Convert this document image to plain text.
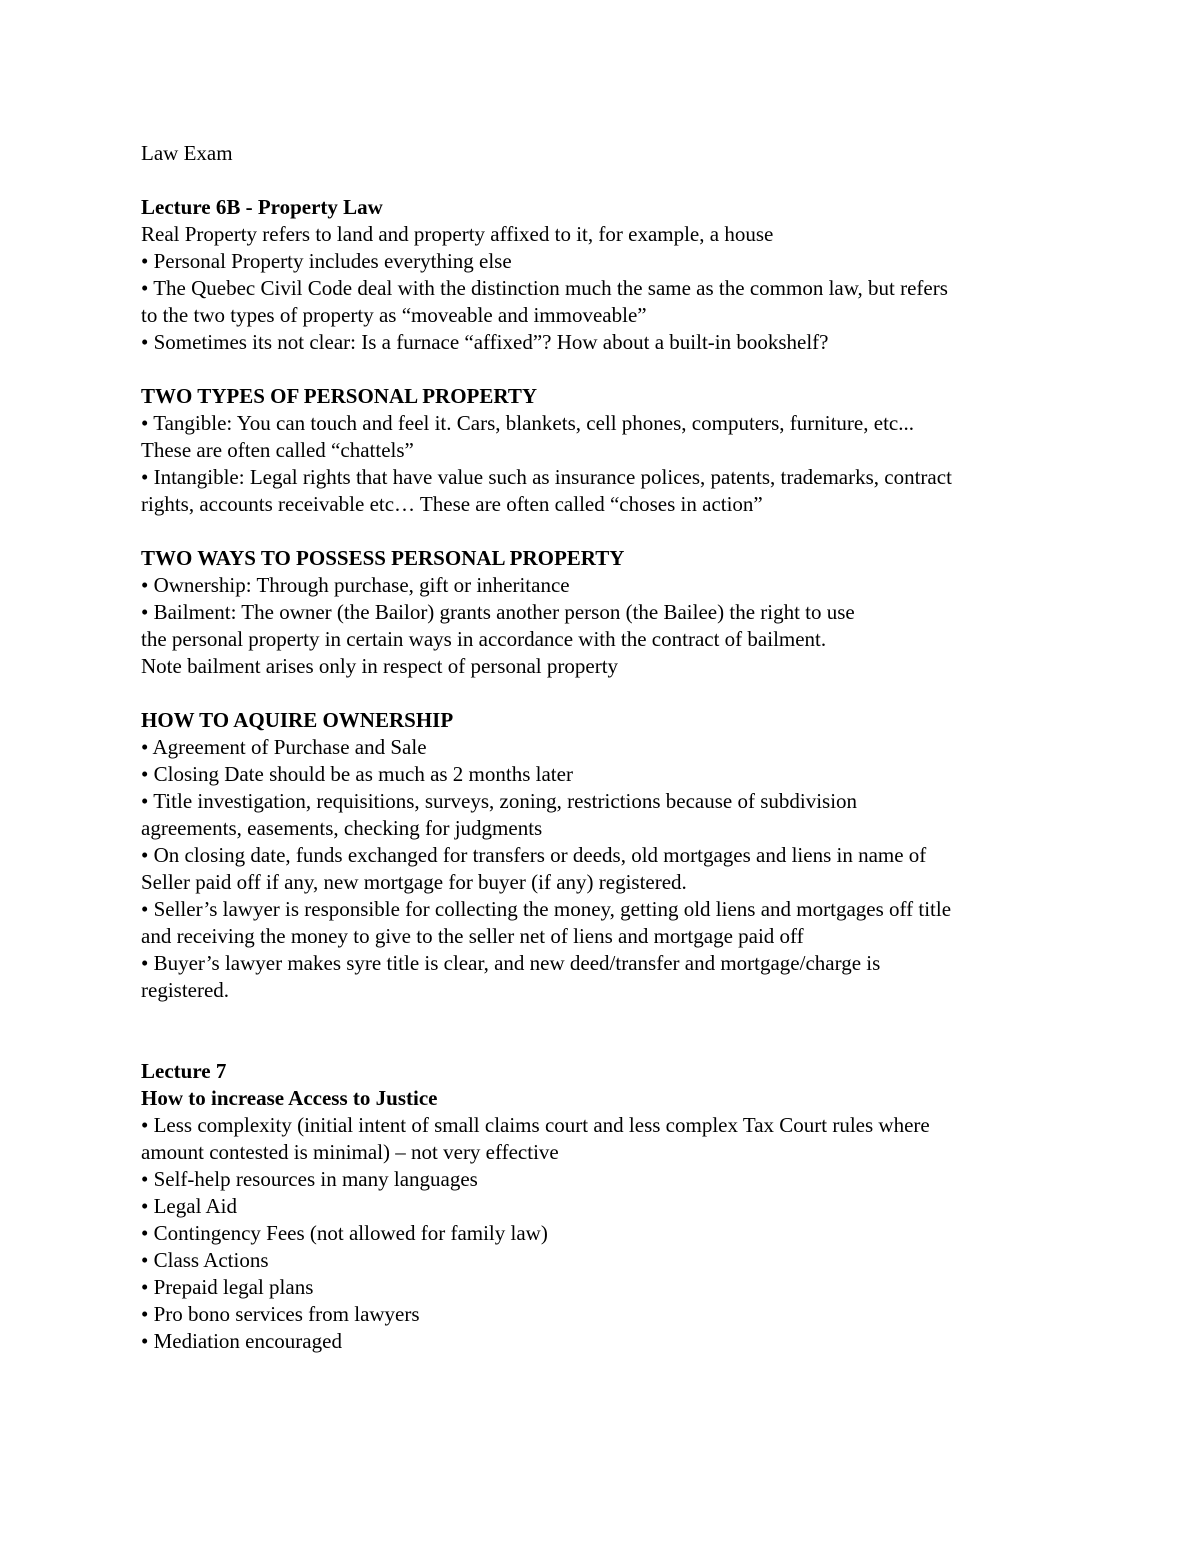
Law Exam
Lecture 6B - Property Law
Real Property refers to land and property affixed to it, for example, a house
• Personal Property includes everything else
• The Quebec Civil Code deal with the distinction much the same as the common law, but refers
to the two types of property as “moveable and immoveable”
• Sometimes its not clear: Is a furnace “affixed”? How about a built-in bookshelf?
TWO TYPES OF PERSONAL PROPERTY
• Tangible: You can touch and feel it. Cars, blankets, cell phones, computers, furniture, etc...
These are often called “chattels”
• Intangible: Legal rights that have value such as insurance polices, patents, trademarks, contract
rights, accounts receivable etc… These are often called “choses in action”
TWO WAYS TO POSSESS PERSONAL PROPERTY
• Ownership: Through purchase, gift or inheritance
• Bailment: The owner (the Bailor) grants another person (the Bailee) the right to use
the personal property in certain ways in accordance with the contract of bailment.
Note bailment arises only in respect of personal property
HOW TO AQUIRE OWNERSHIP
• Agreement of Purchase and Sale
• Closing Date should be as much as 2 months later
• Title investigation, requisitions, surveys, zoning, restrictions because of subdivision
agreements, easements, checking for judgments
• On closing date, funds exchanged for transfers or deeds, old mortgages and liens in name of
Seller paid off if any, new mortgage for buyer (if any) registered.
• Seller’s lawyer is responsible for collecting the money, getting old liens and mortgages off title
and receiving the money to give to the seller net of liens and mortgage paid off
• Buyer’s lawyer makes syre title is clear, and new deed/transfer and mortgage/charge is
registered.
Lecture 7
How to increase Access to Justice
• Less complexity (initial intent of small claims court and less complex Tax Court rules where
amount contested is minimal) – not very effective
• Self-help resources in many languages
• Legal Aid
• Contingency Fees (not allowed for family law)
• Class Actions
• Prepaid legal plans
• Pro bono services from lawyers
• Mediation encouraged
